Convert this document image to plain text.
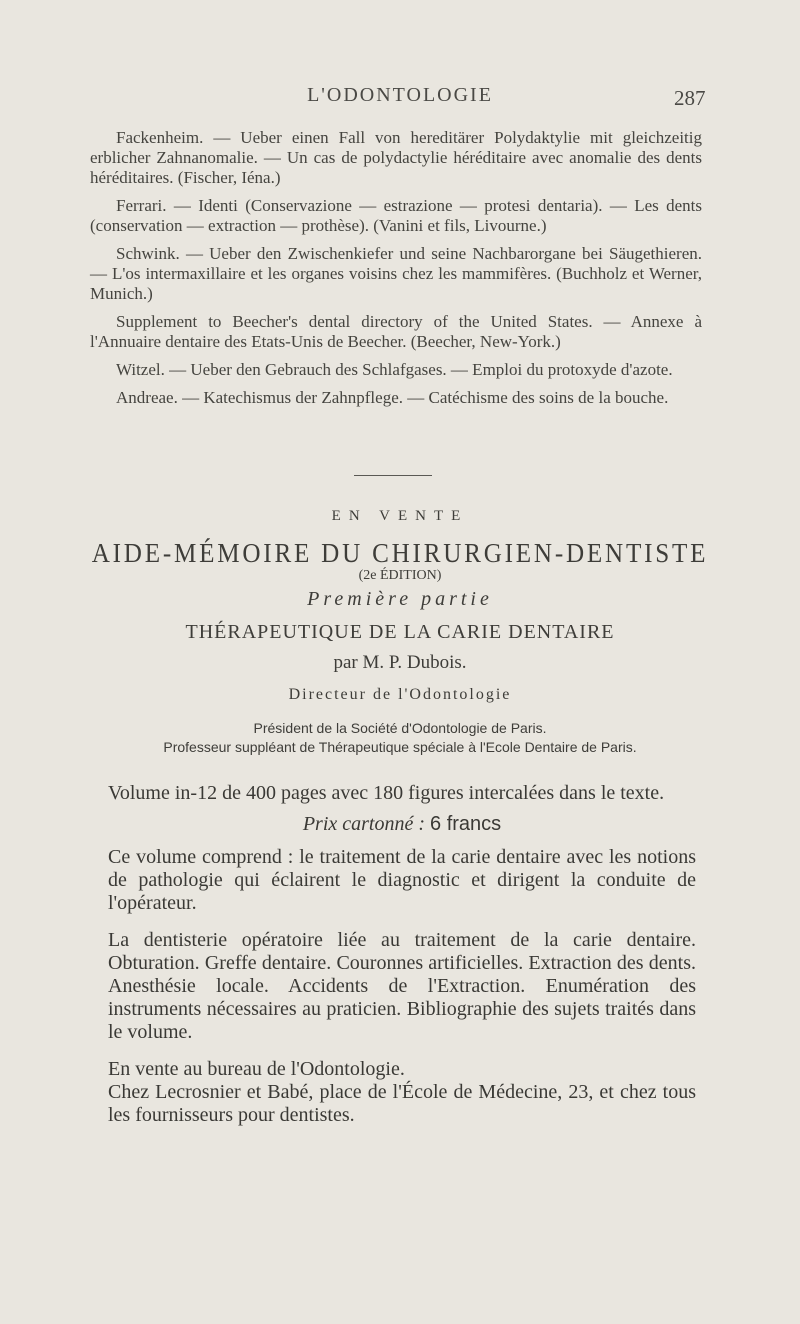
L'ODONTOLOGIE	287

Fackenheim. — Ueber einen Fall von hereditärer Polydaktylie mit gleichzeitig erblicher Zahnanomalie. — Un cas de polydactylie héréditaire avec anomalie des dents héréditaires. (Fischer, Iéna.)

Ferrari. — Identi (Conservazione — estrazione — protesi dentaria). — Les dents (conservation — extraction — prothèse). (Vanini et fils, Livourne.)

Schwink. — Ueber den Zwischenkiefer und seine Nachbarorgane bei Säugethieren. — L'os intermaxillaire et les organes voisins chez les mammifères. (Buchholz et Werner, Munich.)

Supplement to Beecher's dental directory of the United States. — Annexe à l'Annuaire dentaire des Etats-Unis de Beecher. (Beecher, New-York.)

Witzel. — Ueber den Gebrauch des Schlafgases. — Emploi du protoxyde d'azote.

Andreae. — Katechismus der Zahnpflege. — Catéchisme des soins de la bouche.

EN VENTE
AIDE-MÉMOIRE DU CHIRURGIEN-DENTISTE
(2e ÉDITION)
Première partie
THÉRAPEUTIQUE DE LA CARIE DENTAIRE
par M. P. Dubois.
Directeur de l'Odontologie
Président de la Société d'Odontologie de Paris.
Professeur suppléant de Thérapeutique spéciale à l'Ecole Dentaire de Paris.

Volume in-12 de 400 pages avec 180 figures intercalées dans le texte.

Prix cartonné : 6 francs

Ce volume comprend : le traitement de la carie dentaire avec les notions de pathologie qui éclairent le diagnostic et dirigent la conduite de l'opérateur.

La dentisterie opératoire liée au traitement de la carie dentaire. Obturation. Greffe dentaire. Couronnes artificielles. Extraction des dents. Anesthésie locale. Accidents de l'Extraction. Enumération des instruments nécessaires au praticien. Bibliographie des sujets traités dans le volume.

En vente au bureau de l'Odontologie.

Chez Lecrosnier et Babé, place de l'École de Médecine, 23, et chez tous les fournisseurs pour dentistes.
